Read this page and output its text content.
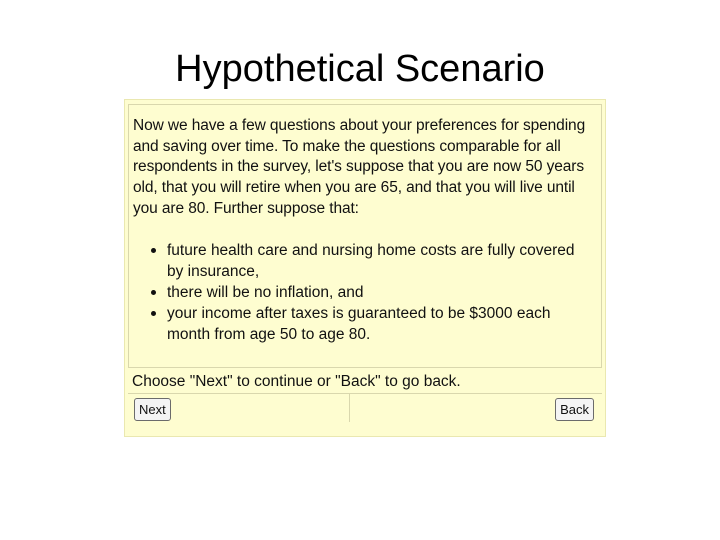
Hypothetical Scenario

Now we have a few questions about your preferences for spending and saving over time. To make the questions comparable for all respondents in the survey, let's suppose that you are now 50 years old, that you will retire when you are 65, and that you will live until you are 80. Further suppose that:

future health care and nursing home costs are fully covered by insurance,
there will be no inflation, and
your income after taxes is guaranteed to be $3000 each month from age 50 to age 80.

Choose "Next" to continue or "Back" to go back.

Next	Back
